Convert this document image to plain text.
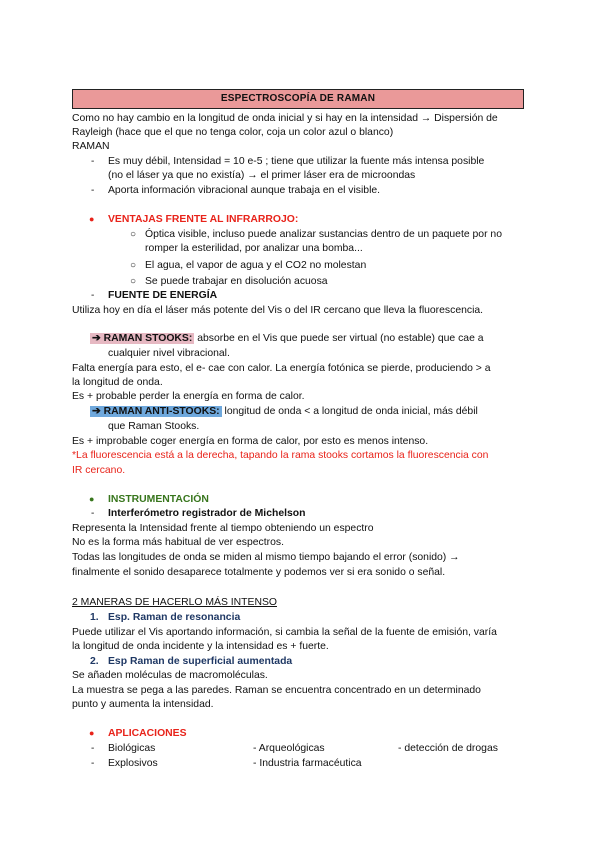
ESPECTROSCOPÍA DE RAMAN
Como no hay cambio en la longitud de onda inicial y si hay en la intensidad → Dispersión de
Rayleigh (hace que el que no tenga color, coja un color azul o blanco)
RAMAN
- Es muy débil, Intensidad = 10 e-5 ; tiene que utilizar la fuente más intensa posible
(no el láser ya que no existía) → el primer láser era de microondas
- Aporta información vibracional aunque trabaja en el visible.
● VENTAJAS FRENTE AL INFRARROJO:
○ Óptica visible, incluso puede analizar sustancias dentro de un paquete por no
romper la esterilidad, por analizar una bomba...
○ El agua, el vapor de agua y el CO2 no molestan
○ Se puede trabajar en disolución acuosa
- FUENTE DE ENERGÍA
Utiliza hoy en día el láser más potente del Vis o del IR cercano que lleva la fluorescencia.
➔ RAMAN STOOKS: absorbe en el Vis que puede ser virtual (no estable) que cae a
cualquier nivel vibracional.
Falta energía para esto, el e- cae con calor. La energía fotónica se pierde, produciendo > a
la longitud de onda.
Es + probable perder la energía en forma de calor.
➔ RAMAN ANTI-STOOKS: longitud de onda < a longitud de onda inicial, más débil
que Raman Stooks.
Es + improbable coger energía en forma de calor, por esto es menos intenso.
*La fluorescencia está a la derecha, tapando la rama stooks cortamos la fluorescencia con
IR cercano.
● INSTRUMENTACIÓN
- Interferómetro registrador de Michelson
Representa la Intensidad frente al tiempo obteniendo un espectro
No es la forma más habitual de ver espectros.
Todas las longitudes de onda se miden al mismo tiempo bajando el error (sonido) →
finalmente el sonido desaparece totalmente y podemos ver si era sonido o señal.
2 MANERAS DE HACERLO MÁS INTENSO
1. Esp. Raman de resonancia
Puede utilizar el Vis aportando información, si cambia la señal de la fuente de emisión, varía
la longitud de onda incidente y la intensidad es + fuerte.
2. Esp Raman de superficial aumentada
Se añaden moléculas de macromoléculas.
La muestra se pega a las paredes. Raman se encuentra concentrado en un determinado
punto y aumenta la intensidad.
● APLICACIONES
- Biológicas	- Arqueológicas	- detección de drogas
- Explosivos	- Industria farmacéutica
